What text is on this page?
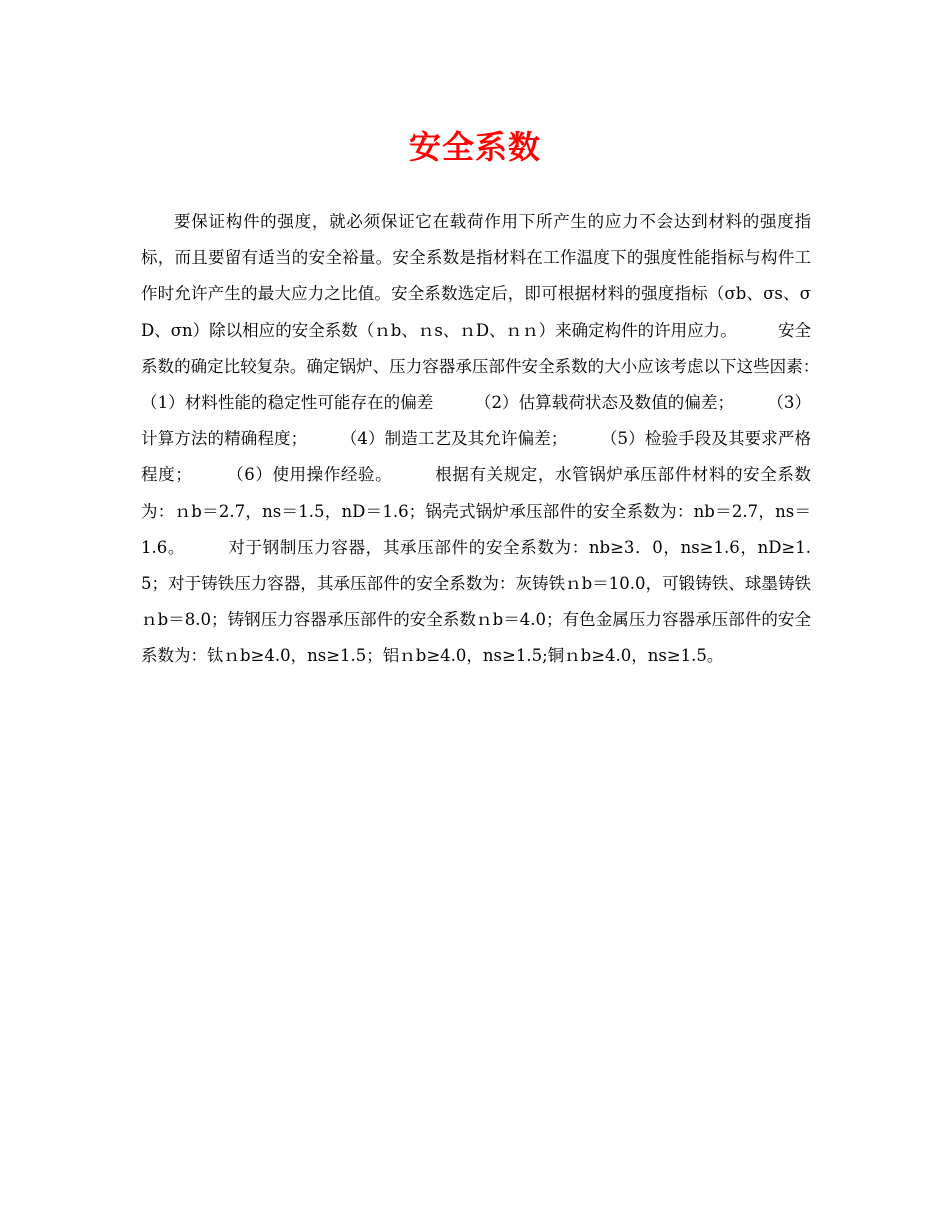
安全系数

要保证构件的强度，就必须保证它在载荷作用下所产生的应力不会达到材料的强度指标，而且要留有适当的安全裕量。安全系数是指材料在工作温度下的强度性能指标与构件工作时允许产生的最大应力之比值。安全系数选定后，即可根据材料的强度指标（σb、σs、σD、σn）除以相应的安全系数（ｎb、ｎs、ｎD、ｎｎ）来确定构件的许用应力。　　　安全系数的确定比较复杂。确定锅炉、压力容器承压部件安全系数的大小应该考虑以下这些因素：　　　（1）材料性能的稳定性可能存在的偏差　　　（2）估算载荷状态及数值的偏差；　　　（3）计算方法的精确程度；　　　（4）制造工艺及其允许偏差；　　　（5）检验手段及其要求严格程度；　　　（6）使用操作经验。　　　根据有关规定，水管锅炉承压部件材料的安全系数为：ｎb＝2.7，ns＝1.5，nD＝1.6；锅壳式锅炉承压部件的安全系数为：nb＝2.7，ns＝1.6。　　　对于钢制压力容器，其承压部件的安全系数为：nb≥3．0，ns≥1.6，nD≥1.5；对于铸铁压力容器，其承压部件的安全系数为：灰铸铁ｎb＝10.0，可锻铸铁、球墨铸铁ｎb＝8.0；铸钢压力容器承压部件的安全系数ｎb＝4.0；有色金属压力容器承压部件的安全系数为：钛ｎb≥4.0，ns≥1.5；铝ｎb≥4.0，ns≥1.5;铜ｎb≥4.0，ns≥1.5。
